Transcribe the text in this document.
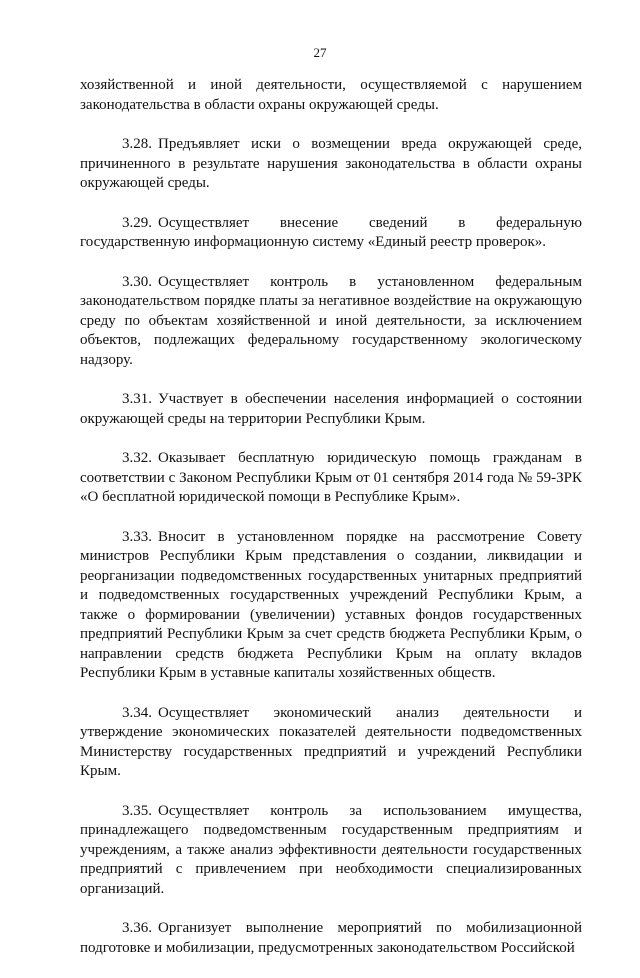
27

хозяйственной и иной деятельности, осуществляемой с нарушением законодательства в области охраны окружающей среды.

3.28. Предъявляет иски о возмещении вреда окружающей среде, причиненного в результате нарушения законодательства в области охраны окружающей среды.

3.29. Осуществляет внесение сведений в федеральную государственную информационную систему «Единый реестр проверок».

3.30. Осуществляет контроль в установленном федеральным законодательством порядке платы за негативное воздействие на окружающую среду по объектам хозяйственной и иной деятельности, за исключением объектов, подлежащих федеральному государственному экологическому надзору.

3.31. Участвует в обеспечении населения информацией о состоянии окружающей среды на территории Республики Крым.

3.32. Оказывает бесплатную юридическую помощь гражданам в соответствии с Законом Республики Крым от 01 сентября 2014 года № 59-ЗРК «О бесплатной юридической помощи в Республике Крым».

3.33. Вносит в установленном порядке на рассмотрение Совету министров Республики Крым представления о создании, ликвидации и реорганизации подведомственных государственных унитарных предприятий и подведомственных государственных учреждений Республики Крым, а также о формировании (увеличении) уставных фондов государственных предприятий Республики Крым за счет средств бюджета Республики Крым, о направлении средств бюджета Республики Крым на оплату вкладов Республики Крым в уставные капиталы хозяйственных обществ.

3.34. Осуществляет экономический анализ деятельности и утверждение экономических показателей деятельности подведомственных Министерству государственных предприятий и учреждений Республики Крым.

3.35. Осуществляет контроль за использованием имущества, принадлежащего подведомственным государственным предприятиям и учреждениям, а также анализ эффективности деятельности государственных предприятий с привлечением при необходимости специализированных организаций.

3.36. Организует выполнение мероприятий по мобилизационной подготовке и мобилизации, предусмотренных законодательством Российской
